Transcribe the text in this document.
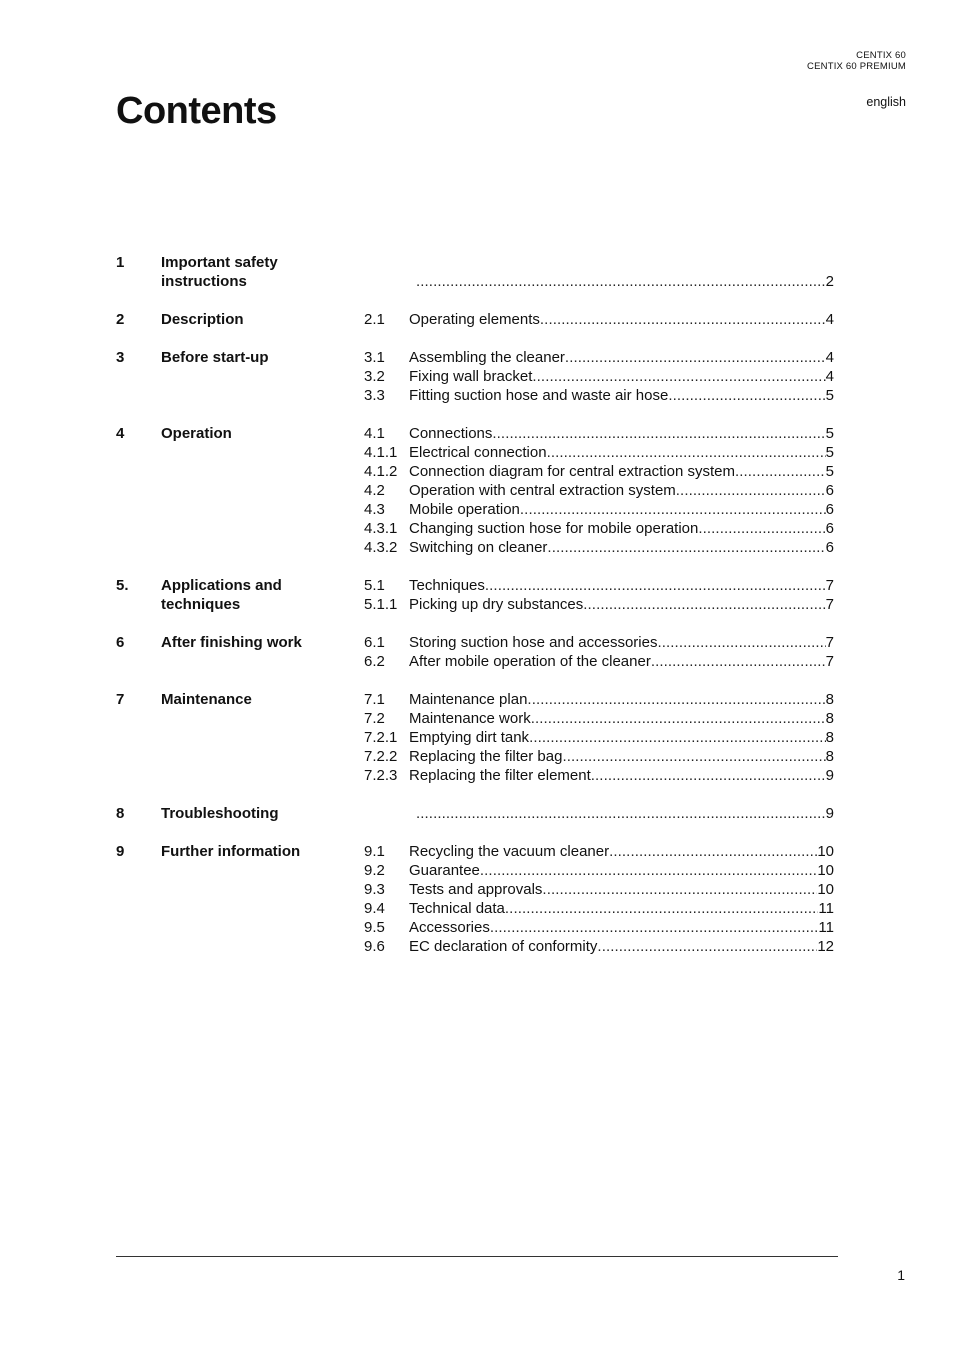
CENTIX 60
CENTIX 60 PREMIUM
english
Contents
1	Important safety
instructions .....	2
2	Description	2.1	Operating elements .....	4
3	Before start-up	3.1	Assembling the cleaner .....	4
3.2	Fixing wall bracket .....	4
3.3	Fitting suction hose and waste air hose .....	5
4	Operation	4.1	Connections .....	5
4.1.1 Electrical connection .....	5
4.1.2 Connection diagram for central extraction system .....	5
4.2	Operation with central extraction system .....	6
4.3	Mobile operation .....	6
4.3.1 Changing suction hose for mobile operation .....	6
4.3.2 Switching on cleaner .....	6
5.	Applications and
techniques
5.1	Techniques .....	7
5.1.1 Picking up dry substances .....	7
6	After finishing work	6.1	Storing suction hose and accessories .....	7
6.2	After mobile operation of the cleaner .....	7
7	Maintenance	7.1	Maintenance plan .....	8
7.2	Maintenance work .....	8
7.2.1 Emptying dirt tank .....	8
7.2.2 Replacing the filter bag .....	8
7.2.3 Replacing the filter element .....	9
8	Troubleshooting .....	9
9	Further information	9.1	Recycling the vacuum cleaner .....	10
9.2	Guarantee .....	10
9.3	Tests and approvals .....	10
9.4	Technical data .....	11
9.5	Accessories .....	11
9.6	EC declaration of conformity .....	12
1
